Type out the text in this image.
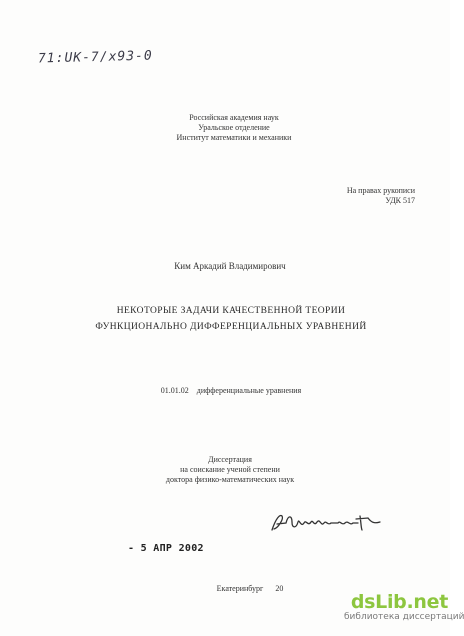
71:UK-7/x93-0
Российская академия наук
Уральское отделение
Институт математики и механики
На правах рукописи
УДК 517
Ким Аркадий Владимирович
НЕКОТОРЫЕ ЗАДАЧИ КАЧЕСТВЕННОЙ ТЕОРИИ
ФУНКЦИОНАЛЬНО ДИФФЕРЕНЦИАЛЬНЫХ УРАВНЕНИЙ
01.01.02 дифференциальные уравнения
Диссертация
на соискание ученой степени
доктора физико-математических наук
- 5 АПР 2002
Екатеринбург 20
dsLib.net
библиотека диссертаций
